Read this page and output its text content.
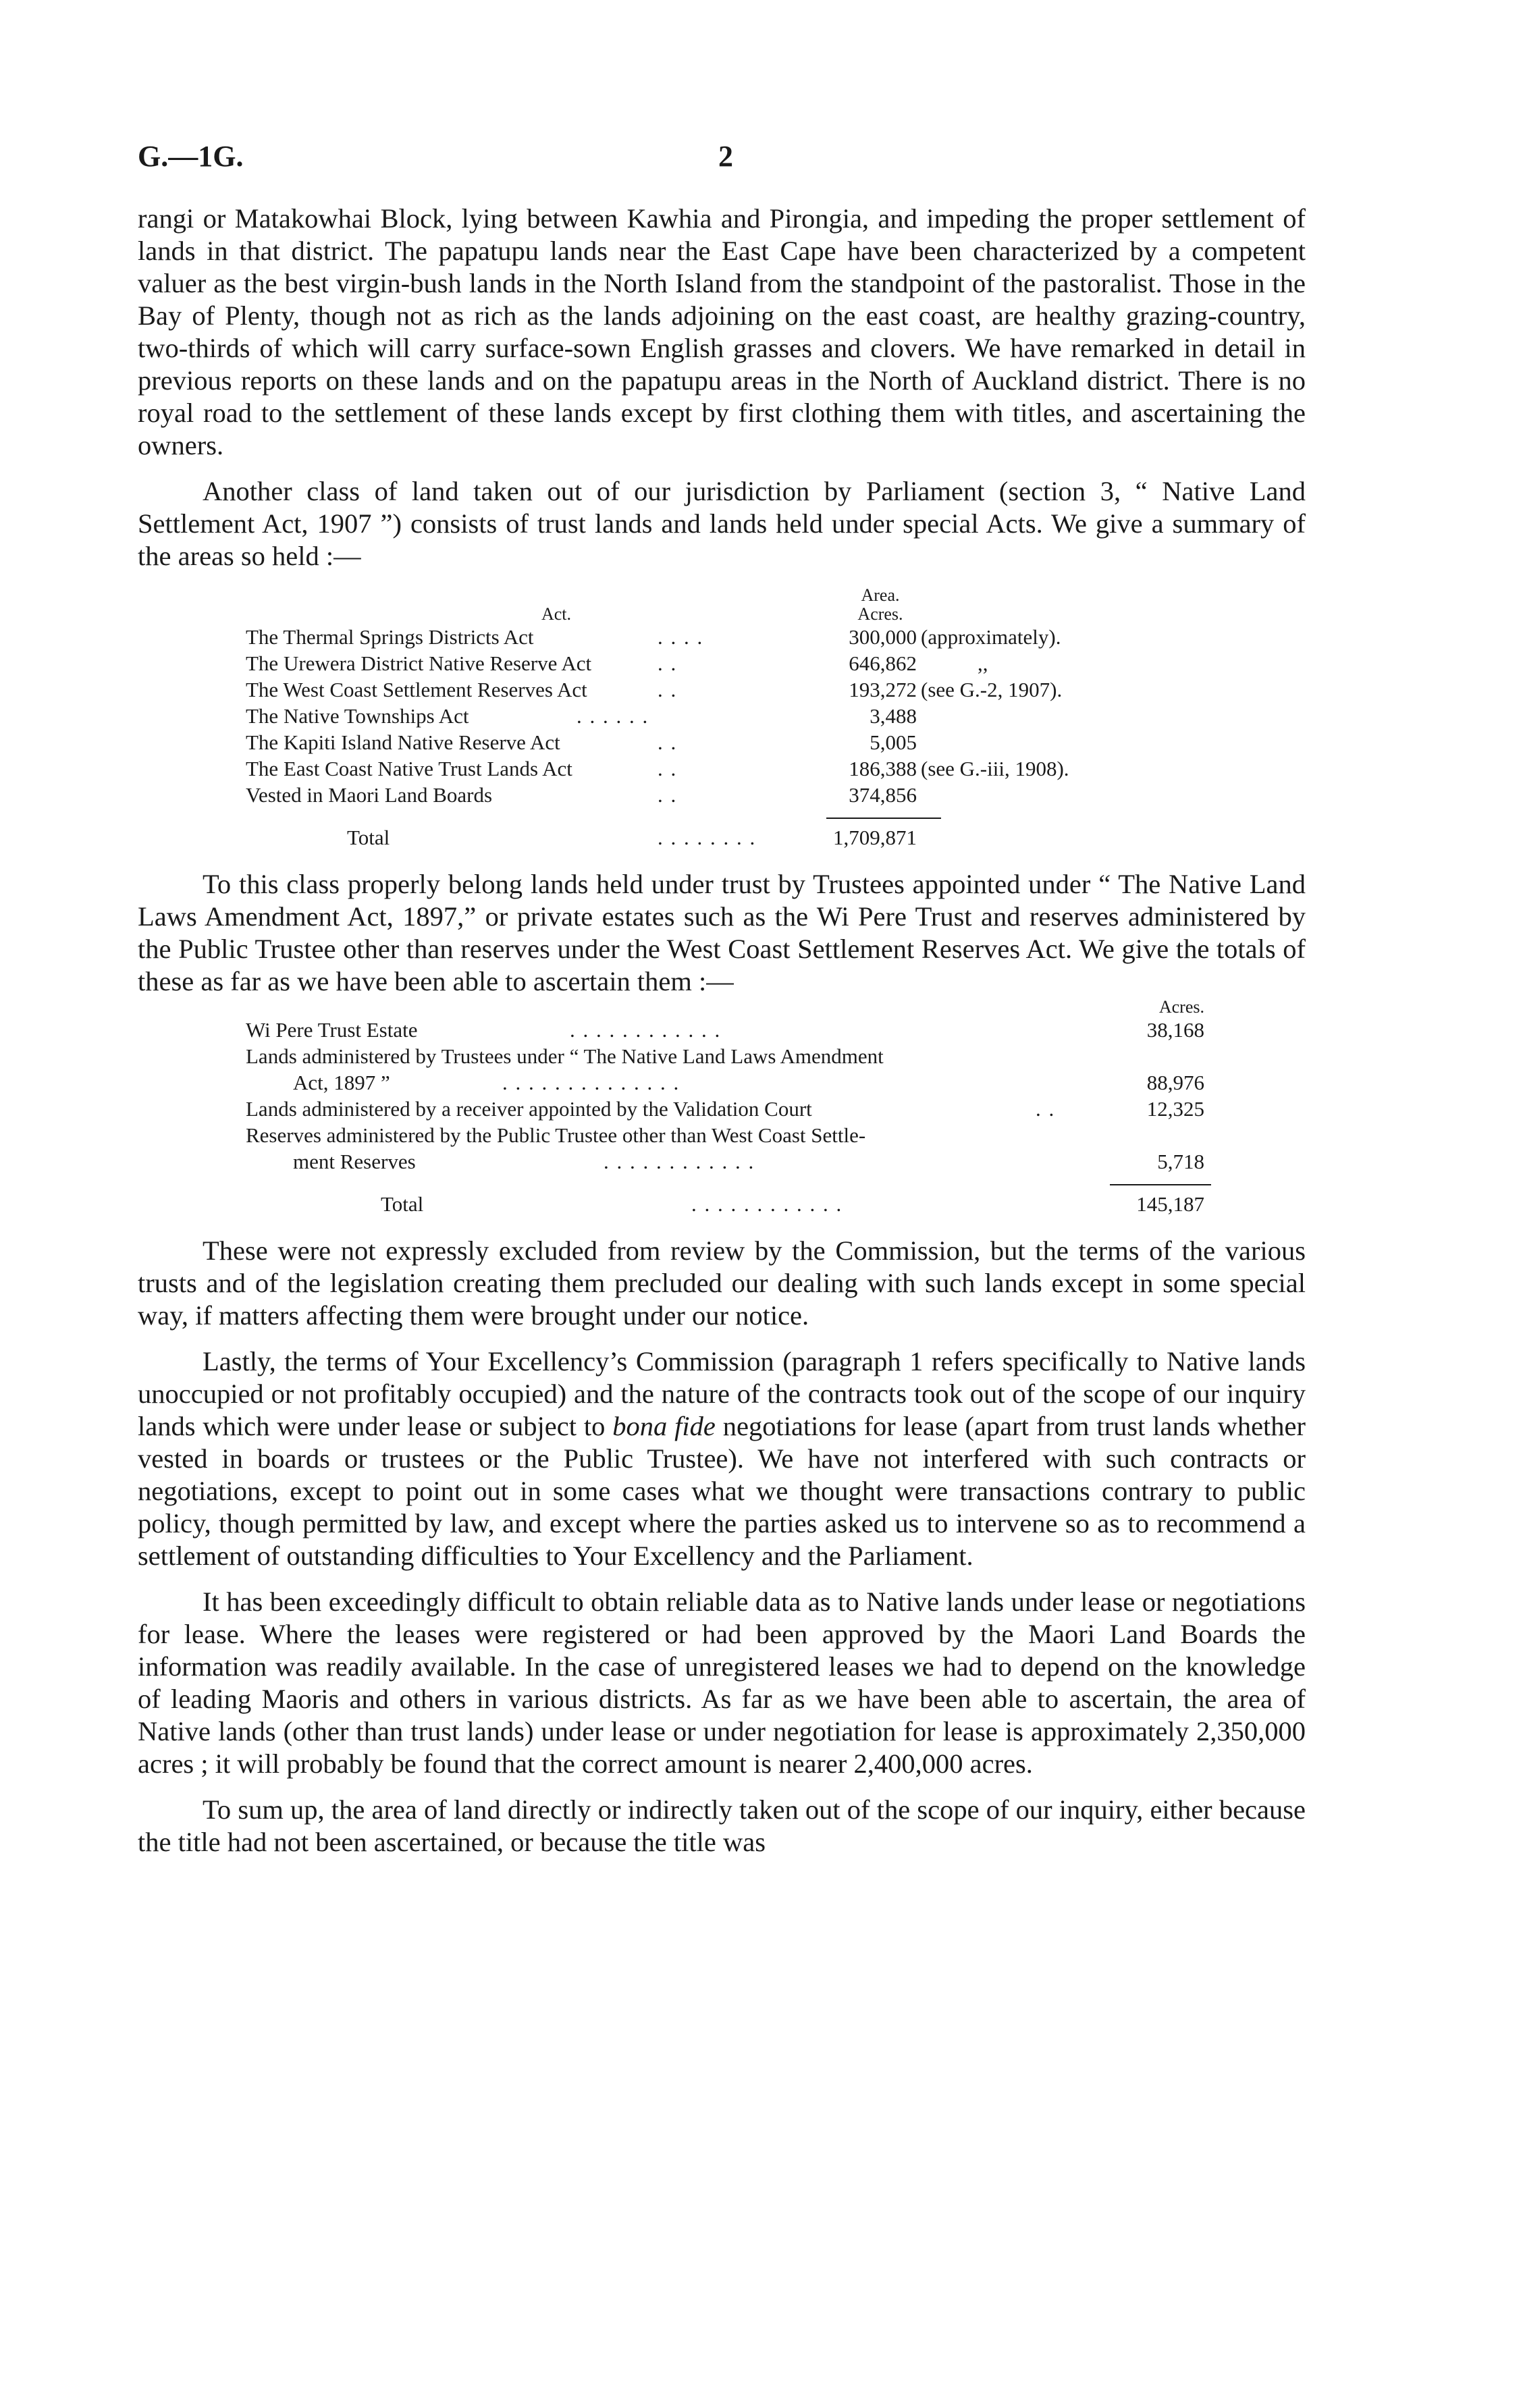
G.—1G.	2

rangi or Matakowhai Block, lying between Kawhia and Pirongia, and impeding the proper settlement of lands in that district. The papatupu lands near the East Cape have been characterized by a competent valuer as the best virgin-bush lands in the North Island from the standpoint of the pastoralist. Those in the Bay of Plenty, though not as rich as the lands adjoining on the east coast, are healthy grazing-country, two-thirds of which will carry surface-sown English grasses and clovers. We have remarked in detail in previous reports on these lands and on the papatupu areas in the North of Auckland district. There is no royal road to the settlement of these lands except by first clothing them with titles, and ascertaining the owners.

Another class of land taken out of our jurisdiction by Parliament (section 3, “ Native Land Settlement Act, 1907 ”) consists of trust lands and lands held under special Acts. We give a summary of the areas so held :—

Act.
Area.
Acres.
The Thermal Springs Districts Act	. . . .	300,000 (approximately).
The Urewera District Native Reserve Act	. .	646,862	,,
The West Coast Settlement Reserves Act	. .	193,272 (see G.-2, 1907).
The Native Townships Act	. . . . . .	3,488
The Kapiti Island Native Reserve Act	. .	5,005
The East Coast Native Trust Lands Act	. .	186,388 (see G.-iii, 1908).
Vested in Maori Land Boards	. .	374,856
Total	. . . . . . . .	1,709,871

To this class properly belong lands held under trust by Trustees appointed under “ The Native Land Laws Amendment Act, 1897,” or private estates such as the Wi Pere Trust and reserves administered by the Public Trustee other than reserves under the West Coast Settlement Reserves Act. We give the totals of these as far as we have been able to ascertain them :—

Acres.
Wi Pere Trust Estate	. . . . . . . . . . . .	38,168
Lands administered by Trustees under “ The Native Land Laws Amendment
Act, 1897 ”	. . . . . . . . . . . . . .	88,976
Lands administered by a receiver appointed by the Validation Court	. .	12,325
Reserves administered by the Public Trustee other than West Coast Settle-
ment Reserves	. . . . . . . . . . . .	5,718
Total	. . . . . . . . . . . .	145,187

These were not expressly excluded from review by the Commission, but the terms of the various trusts and of the legislation creating them precluded our dealing with such lands except in some special way, if matters affecting them were brought under our notice.

Lastly, the terms of Your Excellency’s Commission (paragraph 1 refers specifically to Native lands unoccupied or not profitably occupied) and the nature of the contracts took out of the scope of our inquiry lands which were under lease or subject to bona fide negotiations for lease (apart from trust lands whether vested in boards or trustees or the Public Trustee). We have not interfered with such contracts or negotiations, except to point out in some cases what we thought were transactions contrary to public policy, though permitted by law, and except where the parties asked us to intervene so as to recommend a settlement of outstanding difficulties to Your Excellency and the Parliament.

It has been exceedingly difficult to obtain reliable data as to Native lands under lease or negotiations for lease. Where the leases were registered or had been approved by the Maori Land Boards the information was readily available. In the case of unregistered leases we had to depend on the knowledge of leading Maoris and others in various districts. As far as we have been able to ascertain, the area of Native lands (other than trust lands) under lease or under negotiation for lease is approximately 2,350,000 acres ; it will probably be found that the correct amount is nearer 2,400,000 acres.

To sum up, the area of land directly or indirectly taken out of the scope of our inquiry, either because the title had not been ascertained, or because the title was
